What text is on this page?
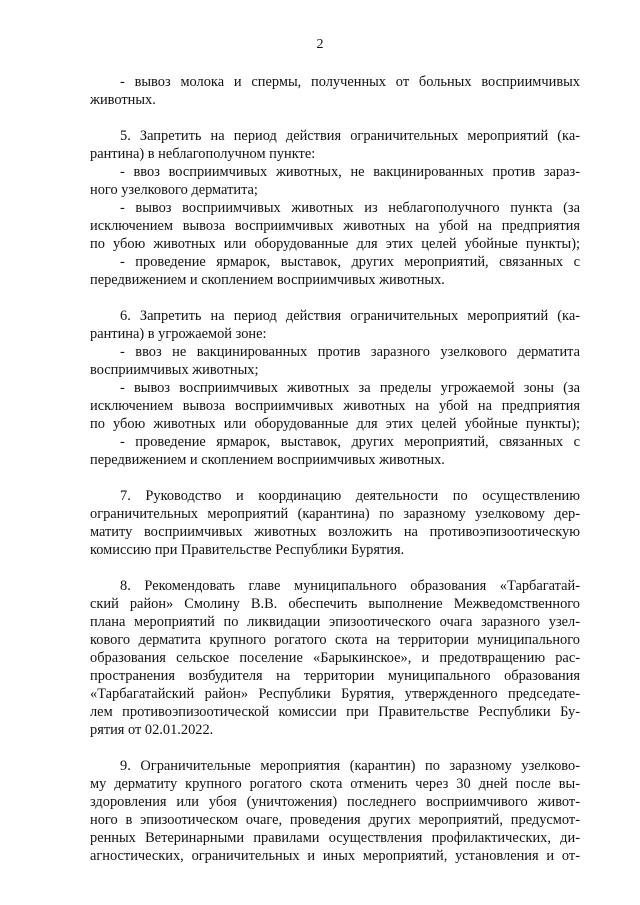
2
- вывоз молока и спермы, полученных от больных восприимчивых
животных.
5. Запретить на период действия ограничительных мероприятий (ка-
рантина) в неблагополучном пункте:
- ввоз восприимчивых животных, не вакцинированных против зараз-
ного узелкового дерматита;
- вывоз восприимчивых животных из неблагополучного пункта (за
исключением вывоза восприимчивых животных на убой на предприятия
по убою животных или оборудованные для этих целей убойные пункты);
- проведение ярмарок, выставок, других мероприятий, связанных с
передвижением и скоплением восприимчивых животных.
6. Запретить на период действия ограничительных мероприятий (ка-
рантина) в угрожаемой зоне:
- ввоз не вакцинированных против заразного узелкового дерматита
восприимчивых животных;
- вывоз восприимчивых животных за пределы угрожаемой зоны (за
исключением вывоза восприимчивых животных на убой на предприятия
по убою животных или оборудованные для этих целей убойные пункты);
- проведение ярмарок, выставок, других мероприятий, связанных с
передвижением и скоплением восприимчивых животных.
7. Руководство и координацию деятельности по осуществлению
ограничительных мероприятий (карантина) по заразному узелковому дер-
матиту восприимчивых животных возложить на противоэпизоотическую
комиссию при Правительстве Республики Бурятия.
8. Рекомендовать главе муниципального образования «Тарбагатай-
ский район» Смолину В.В. обеспечить выполнение Межведомственного
плана мероприятий по ликвидации эпизоотического очага заразного узел-
кового дерматита крупного рогатого скота на территории муниципального
образования сельское поселение «Барыкинское», и предотвращению рас-
пространения возбудителя на территории муниципального образования
«Тарбагатайский район» Республики Бурятия, утвержденного председате-
лем противоэпизоотической комиссии при Правительстве Республики Бу-
рятия от 02.01.2022.
9. Ограничительные мероприятия (карантин) по заразному узелково-
му дерматиту крупного рогатого скота отменить через 30 дней после вы-
здоровления или убоя (уничтожения) последнего восприимчивого живот-
ного в эпизоотическом очаге, проведения других мероприятий, предусмот-
ренных Ветеринарными правилами осуществления профилактических, ди-
агностических, ограничительных и иных мероприятий, установления и от-
